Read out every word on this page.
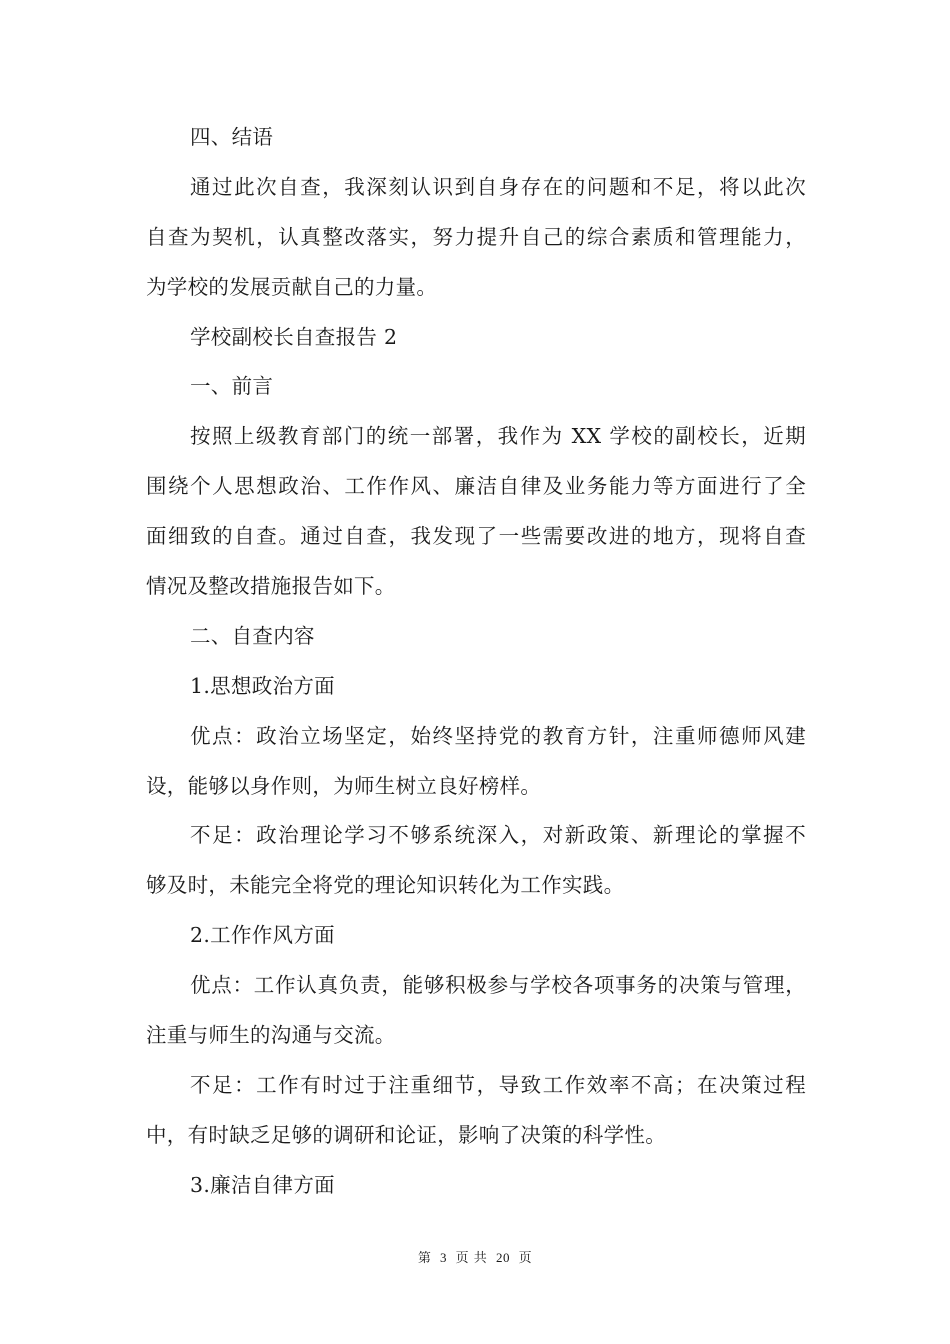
四、结语
通过此次自查，我深刻认识到自身存在的问题和不足，将以此次
自查为契机，认真整改落实，努力提升自己的综合素质和管理能力，
为学校的发展贡献自己的力量。
学校副校长自查报告 2
一、前言
按照上级教育部门的统一部署，我作为 XX 学校的副校长，近期
围绕个人思想政治、工作作风、廉洁自律及业务能力等方面进行了全
面细致的自查。通过自查，我发现了一些需要改进的地方，现将自查
情况及整改措施报告如下。
二、自查内容
1.思想政治方面
优点：政治立场坚定，始终坚持党的教育方针，注重师德师风建
设，能够以身作则，为师生树立良好榜样。
不足：政治理论学习不够系统深入，对新政策、新理论的掌握不
够及时，未能完全将党的理论知识转化为工作实践。
2.工作作风方面
优点：工作认真负责，能够积极参与学校各项事务的决策与管理，
注重与师生的沟通与交流。
不足：工作有时过于注重细节，导致工作效率不高；在决策过程
中，有时缺乏足够的调研和论证，影响了决策的科学性。
3.廉洁自律方面
第 3 页 共 20 页
